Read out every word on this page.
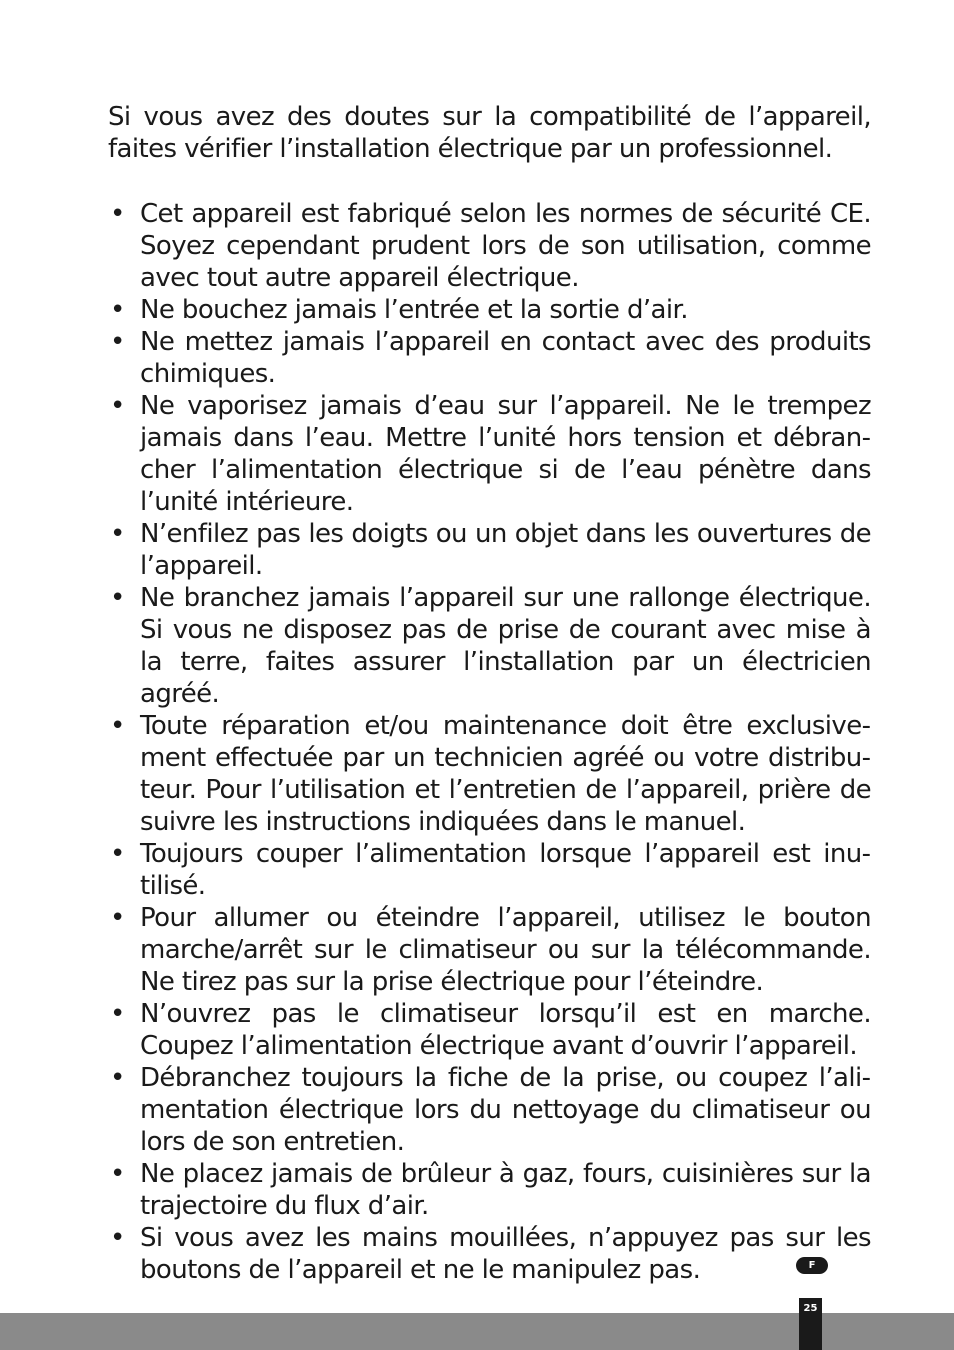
Si vous avez des doutes sur la compatibilité de l’appareil, faites vérifier l’installation électrique par un professionnel.

• Cet appareil est fabriqué selon les normes de sécurité CE. Soyez cependant prudent lors de son utilisation, comme avec tout autre appareil électrique.
• Ne bouchez jamais l’entrée et la sortie d’air.
• Ne mettez jamais l’appareil en contact avec des produits chimiques.
• Ne vaporisez jamais d’eau sur l’appareil. Ne le trempez jamais dans l’eau. Mettre l’unité hors tension et débrancher l’alimentation électrique si de l’eau pénètre dans l’unité intérieure.
• N’enfilez pas les doigts ou un objet dans les ouvertures de l’appareil.
• Ne branchez jamais l’appareil sur une rallonge électrique. Si vous ne disposez pas de prise de courant avec mise à la terre, faites assurer l’installation par un électricien agréé.
• Toute réparation et/ou maintenance doit être exclusivement effectuée par un technicien agréé ou votre distributeur. Pour l’utilisation et l’entretien de l’appareil, prière de suivre les instructions indiquées dans le manuel.
• Toujours couper l’alimentation lorsque l’appareil est inutilisé.
• Pour allumer ou éteindre l’appareil, utilisez le bouton marche/arrêt sur le climatiseur ou sur la télécommande. Ne tirez pas sur la prise électrique pour l’éteindre.
• N’ouvrez pas le climatiseur lorsqu’il est en marche. Coupez l’alimentation électrique avant d’ouvrir l’appareil.
• Débranchez toujours la fiche de la prise, ou coupez l’alimentation électrique lors du nettoyage du climatiseur ou lors de son entretien.
• Ne placez jamais de brûleur à gaz, fours, cuisinières sur la trajectoire du flux d’air.
• Si vous avez les mains mouillées, n’appuyez pas sur les boutons de l’appareil et ne le manipulez pas.	F
25
